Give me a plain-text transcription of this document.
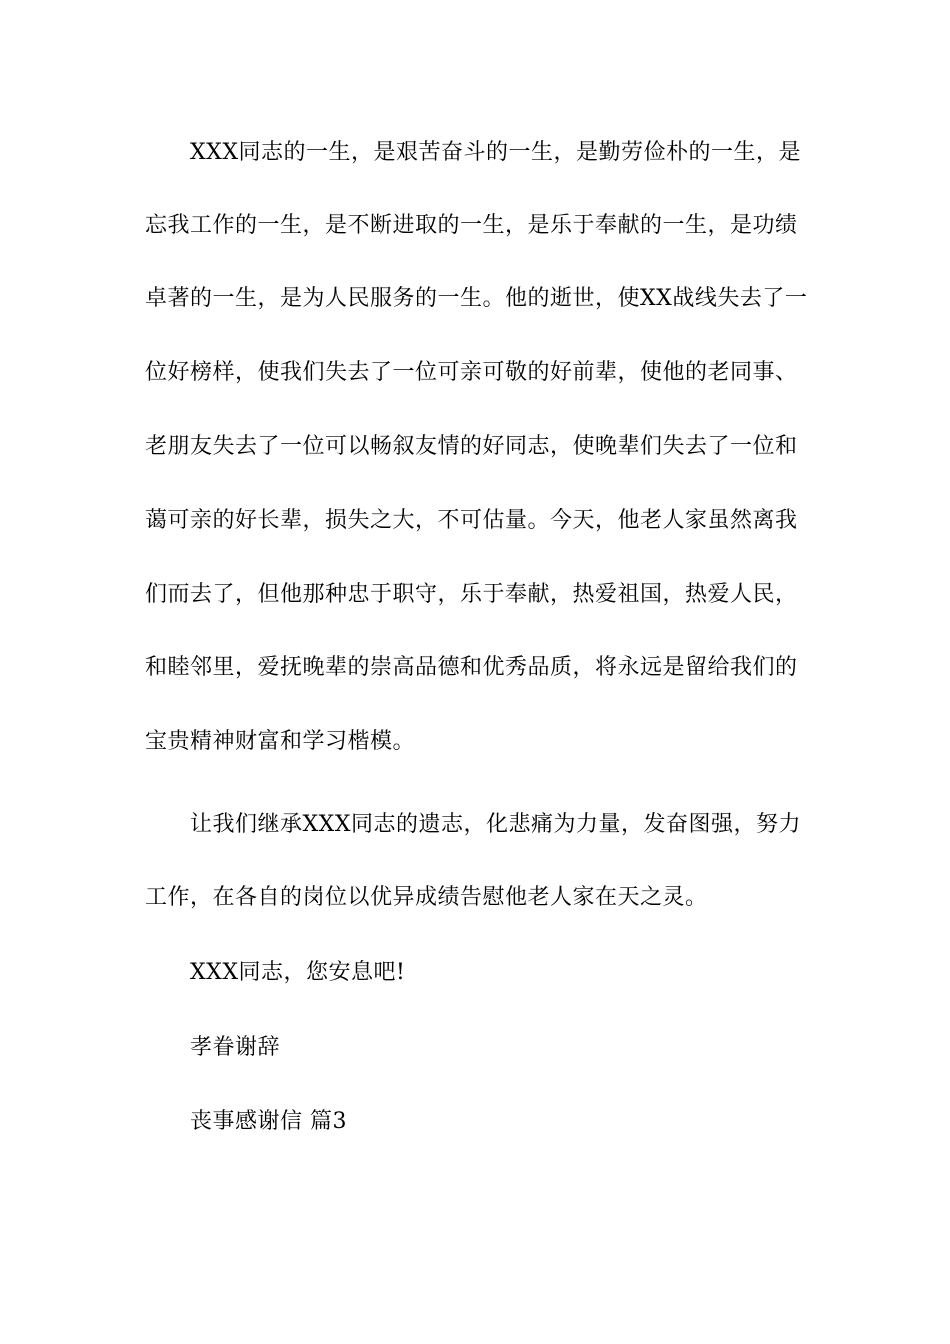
XXX同志的一生，是艰苦奋斗的一生，是勤劳俭朴的一生，是
忘我工作的一生，是不断进取的一生，是乐于奉献的一生，是功绩
卓著的一生，是为人民服务的一生。他的逝世，使XX战线失去了一
位好榜样，使我们失去了一位可亲可敬的好前辈，使他的老同事、
老朋友失去了一位可以畅叙友情的好同志，使晚辈们失去了一位和
蔼可亲的好长辈，损失之大，不可估量。今天，他老人家虽然离我
们而去了，但他那种忠于职守，乐于奉献，热爱祖国，热爱人民，
和睦邻里，爱抚晚辈的崇高品德和优秀品质，将永远是留给我们的
宝贵精神财富和学习楷模。
让我们继承XXX同志的遗志，化悲痛为力量，发奋图强，努力
工作，在各自的岗位以优异成绩告慰他老人家在天之灵。
XXX同志，您安息吧!
孝眷谢辞
丧事感谢信 篇3
